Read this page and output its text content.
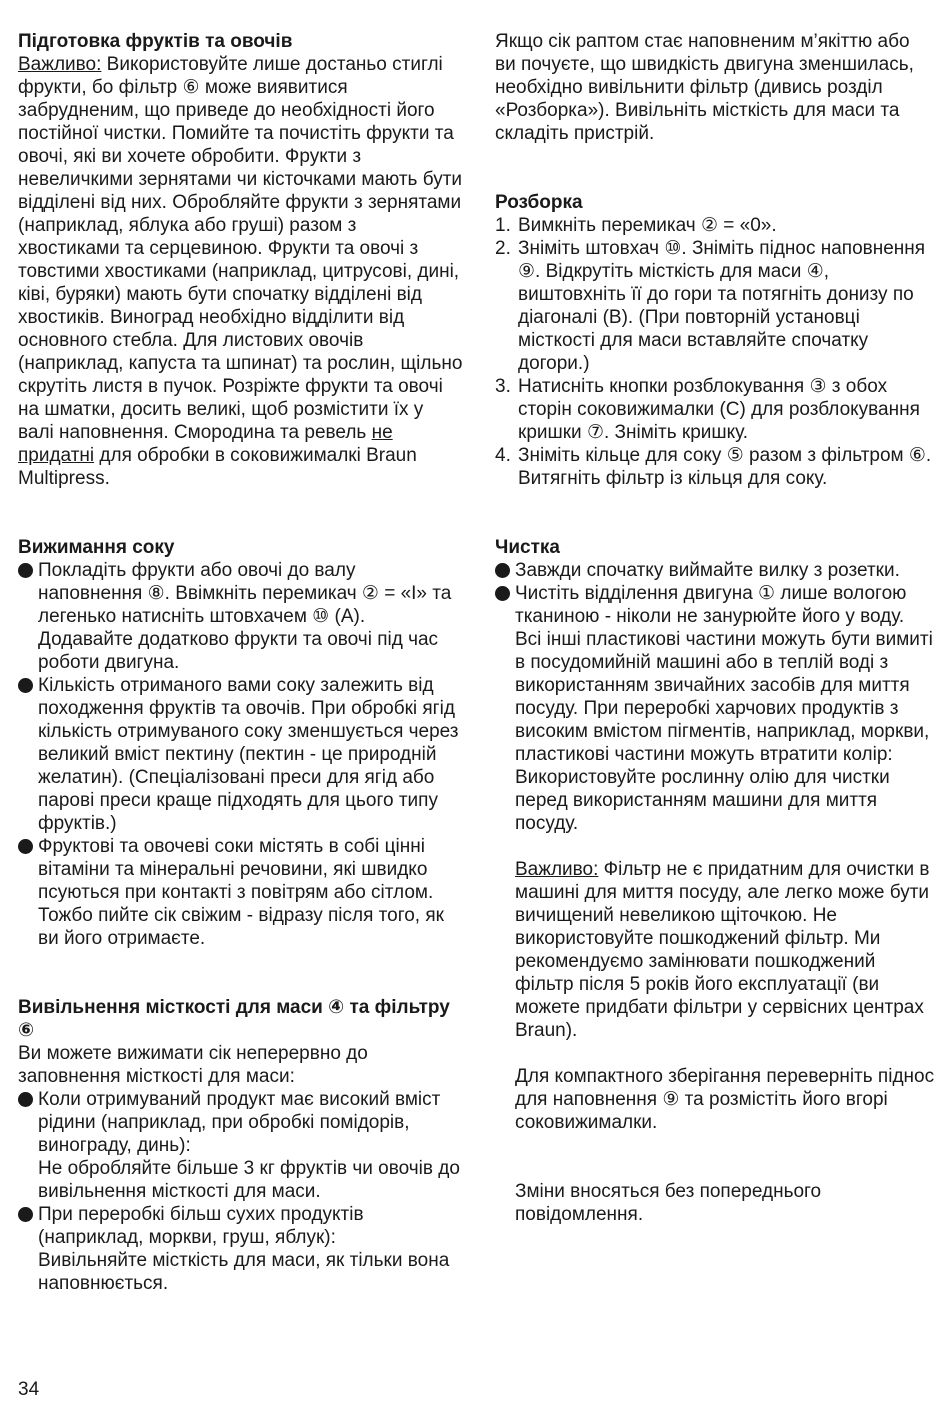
Підготовка фруктів та овочів

Важливо: Використовуйте лише достаньо стиглі фрукти, бо фільтр ⑥ може виявитися забрудненим, що приведе до необхідності його постійної чистки. Помийте та почистіть фрукти та овочі, які ви хочете обробити. Фрукти з невеличкими зернятами чи кісточками мають бути відділені від них. Обробляйте фрукти з зернятами (наприклад, яблука або груші) разом з хвостиками та серцевиною. Фрукти та овочі з товстими хвостиками (наприклад, цитрусові, дині, ківі, буряки) мають бути спочатку відділені від хвостиків. Виноград необхідно відділити від основного стебла. Для листових овочів (наприклад, капуста та шпинат) та рослин, щільно скрутіть листя в пучок. Розріжте фрукти та овочі на шматки, досить великі, щоб розмістити їх у валі наповнення. Смородина та ревель не придатні для обробки в соковижималкі Braun Multipress.

Вижимання соку

Покладіть фрукти або овочі до валу наповнення ⑧. Ввімкніть перемикач ② = «I» та легенько натисніть штовхачем ⑩ (A). Додавайте додатково фрукти та овочі під час роботи двигуна.
Кількість отриманого вами соку залежить від походження фруктів та овочів. При обробкі ягід кількість отримуваного соку зменшується через великий вміст пектину (пектин - це природній желатин). (Спеціалізовані преси для ягід або парові преси краще підходять для цього типу фруктів.)
Фруктові та овочеві соки містять в собі цінні вітаміни та мінеральні речовини, які швидко псуються при контакті з повітрям або сітлом. Тожбо пийте сік свіжим - відразу після того, як ви його отримаєте.

Вивільнення місткості для маси ④ та фільтру ⑥

Ви можете вижимати сік неперервно до заповнення місткості для маси:

Коли отримуваний продукт має високий вміст рідини (наприклад, при обробкі помідорів, винограду, динь):
Не обробляйте більше 3 кг фруктів чи овочів до вивільнення місткості для маси.
При переробкі більш сухих продуктів (наприклад, моркви, груш, яблук):
Вивільняйте місткість для маси, як тільки вона наповнюється.

Якщо сік раптом стає наповненим м’якіттю або ви почуєте, що швидкість двигуна зменшилась, необхідно вивільнити фільтр (дивись розділ «Розборка»). Вивільніть місткість для маси та складіть пристрій.

Розборка

1. Вимкніть перемикач ② = «0».
2. Зніміть штовхач ⑩. Зніміть піднос наповнення ⑨. Відкрутіть місткість для маси ④, виштовхніть її до гори та потягніть донизу по діагоналі (B). (При повторній установці місткості для маси вставляйте спочатку догори.)
3. Натисніть кнопки розблокування ③ з обох сторін соковижималки (C) для розблокування кришки ⑦. Зніміть кришку.
4. Зніміть кільце для соку ⑤ разом з фільтром ⑥. Витягніть фільтр із кільця для соку.

Чистка

Завжди спочатку виймайте вилку з розетки.
Чистіть відділення двигуна ① лише вологою тканиною - ніколи не занурюйте його у воду. Всі інші пластикові частини можуть бути вимиті в посудомийній машині або в теплій воді з використанням звичайних засобів для миття посуду. При переробкі харчових продуктів з високим вмістом пігментів, наприклад, моркви, пластикові частини можуть втратити колір: Використовуйте рослинну олію для чистки перед використанням машини для миття посуду.

Важливо: Фільтр не є придатним для очистки в машині для миття посуду, але легко може бути вичищений невеликою щіточкою. Не використовуйте пошкоджений фільтр. Ми рекомендуємо замінювати пошкоджений фільтр після 5 років його експлуатації (ви можете придбати фільтри у сервісних центрах Braun).

Для компактного зберігання переверніть піднос для наповнення ⑨ та розмістіть його вгорі соковижималки.

Зміни вносяться без попереднього повідомлення.

34
